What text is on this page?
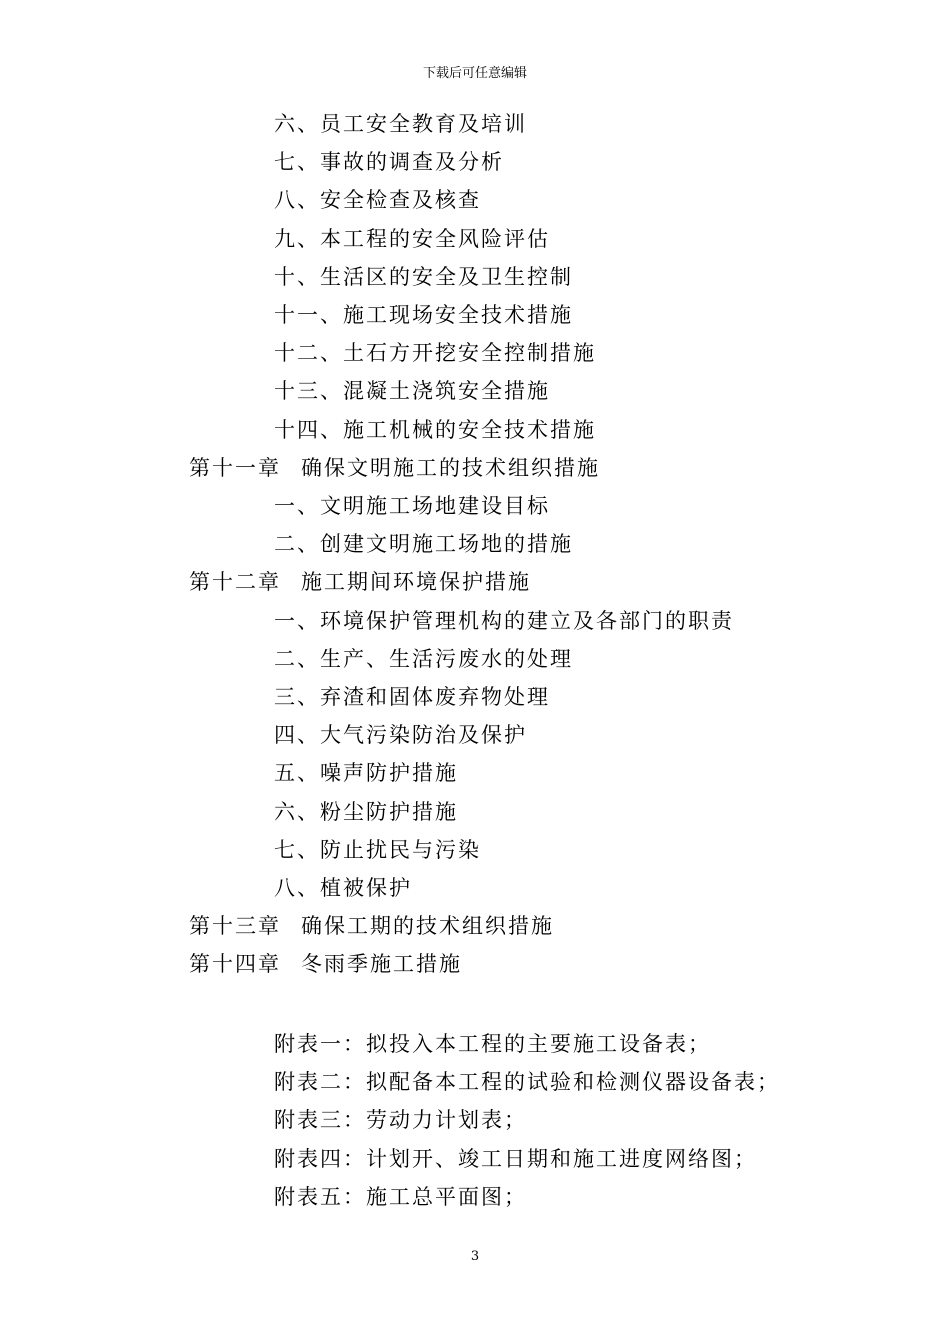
下载后可任意编辑
六、员工安全教育及培训
七、事故的调查及分析
八、安全检查及核查
九、本工程的安全风险评估
十、生活区的安全及卫生控制
十一、施工现场安全技术措施
十二、土石方开挖安全控制措施
十三、混凝土浇筑安全措施
十四、施工机械的安全技术措施
第十一章 确保文明施工的技术组织措施
一、文明施工场地建设目标
二、创建文明施工场地的措施
第十二章 施工期间环境保护措施
一、环境保护管理机构的建立及各部门的职责
二、生产、生活污废水的处理
三、弃渣和固体废弃物处理
四、大气污染防治及保护
五、噪声防护措施
六、粉尘防护措施
七、防止扰民与污染
八、植被保护
第十三章 确保工期的技术组织措施
第十四章 冬雨季施工措施
附表一：拟投入本工程的主要施工设备表；
附表二：拟配备本工程的试验和检测仪器设备表；
附表三：劳动力计划表；
附表四：计划开、竣工日期和施工进度网络图；
附表五：施工总平面图；
3
